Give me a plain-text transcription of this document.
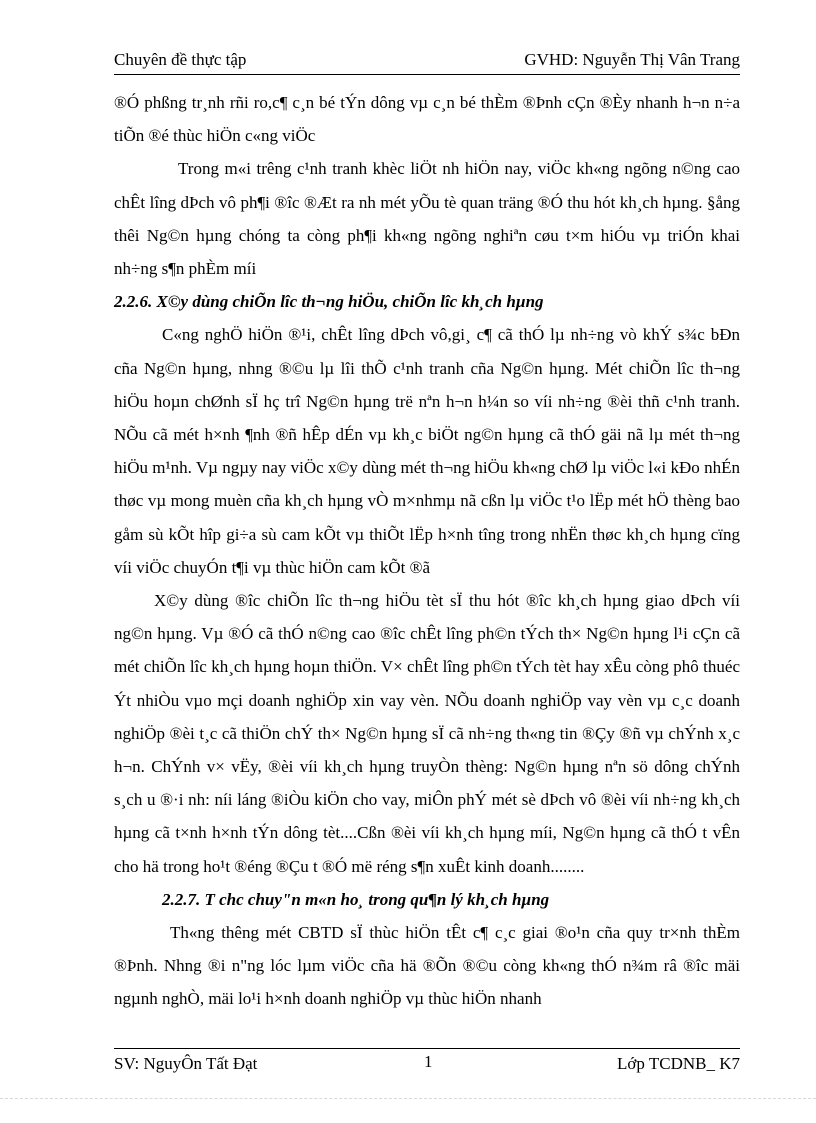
Chuyên đề thực tập	GVHD: Nguyễn Thị Vân Trang

®Ó phßng tr¸nh rñi ro,c¶ c¸n bé tÝn dông vµ c¸n bé thÈm ®Þnh cÇn ®Èy nhanh h¬n n÷a tiÕn ®é thùc hiÖn c«ng viÖc

Trong m«i trêng c¹nh tranh khèc liÖt nh hiÖn nay, viÖc kh«ng ngõng n©ng cao chÊt lîng dÞch vô ph¶i ®îc ®Æt ra nh mét yÕu tè quan träng ®Ó thu hót kh¸ch hµng. §ång thêi Ng©n hµng chóng ta còng ph¶i kh«ng ngõng nghiªn cøu t×m hiÓu vµ triÓn khai nh÷ng s¶n phÈm míi

2.2.6. X©y dùng chiÕn lîc th¬ng hiÖu, chiÕn lîc kh¸ch hµng

C«ng nghÖ hiÖn ®¹i, chÊt lîng dÞch vô,gi¸ c¶ cã thÓ lµ nh÷ng vò khÝ s¾c bÐn cña Ng©n hµng, nhng ®©u lµ lîi thÕ c¹nh tranh cña Ng©n hµng. Mét chiÕn lîc th¬ng hiÖu hoµn chØnh sÏ hç trî Ng©n hµng trë nªn h¬n h¼n so víi nh÷ng ®èi thñ c¹nh tranh. NÕu cã mét h×nh ¶nh ®ñ hÊp dÉn vµ kh¸c biÖt ng©n hµng cã thÓ gäi nã lµ mét th¬ng hiÖu m¹nh. Vµ ngµy nay viÖc x©y dùng mét th¬ng hiÖu kh«ng chØ lµ viÖc l«i kÐo nhÉn thøc vµ mong muèn cña kh¸ch hµng vÒ m×nhmµ nã cßn lµ viÖc t¹o lËp mét hÖ thèng bao gåm sù kÕt hîp gi÷a sù cam kÕt vµ thiÕt lËp h×nh tîng trong nhËn thøc kh¸ch hµng cïng víi viÖc chuyÓn t¶i vµ thùc hiÖn cam kÕt ®ã

X©y dùng ®îc chiÕn lîc th¬ng hiÖu tèt sÏ thu hót ®îc kh¸ch hµng giao dÞch víi ng©n hµng. Vµ ®Ó cã thÓ n©ng cao ®îc chÊt lîng ph©n tÝch th× Ng©n hµng l¹i cÇn cã mét chiÕn lîc kh¸ch hµng hoµn thiÖn. V× chÊt lîng ph©n tÝch tèt hay xÊu còng phô thuéc Ýt nhiÒu vµo mçi doanh nghiÖp xin vay vèn. NÕu doanh nghiÖp vay vèn vµ c¸c doanh nghiÖp ®èi t¸c cã thiÖn chÝ th× Ng©n hµng sÏ cã nh÷ng th«ng tin ®Çy ®ñ vµ chÝnh x¸c h¬n. ChÝnh v× vËy, ®èi víi kh¸ch hµng truyÒn thèng: Ng©n hµng nªn sö dông chÝnh s¸ch u ®·i nh: níi láng ®iÒu kiÖn cho vay, miÔn phÝ mét sè dÞch vô ®èi víi nh÷ng kh¸ch hµng cã t×nh h×nh tÝn dông tèt....Cßn ®èi víi kh¸ch hµng míi, Ng©n hµng cã thÓ t vÊn cho hä trong ho¹t ®éng ®Çu t ®Ó më réng s¶n xuÊt kinh doanh........

2.2.7. T chc chuy"n m«n ho¸ trong qu¶n lý kh¸ch hµng

Th«ng thêng mét CBTD sÏ thùc hiÖn tÊt c¶ c¸c giai ®o¹n cña quy tr×nh thÈm ®Þnh. Nhng ®i n"ng lóc lµm viÖc cña hä ®Õn ®©u còng kh«ng thÓ n¾m râ ®îc mäi ngµnh nghÒ, mäi lo¹i h×nh doanh nghiÖp vµ thùc hiÖn nhanh

SV: NguyÔn Tất Đạt	1	Lớp TCDNB_ K7
